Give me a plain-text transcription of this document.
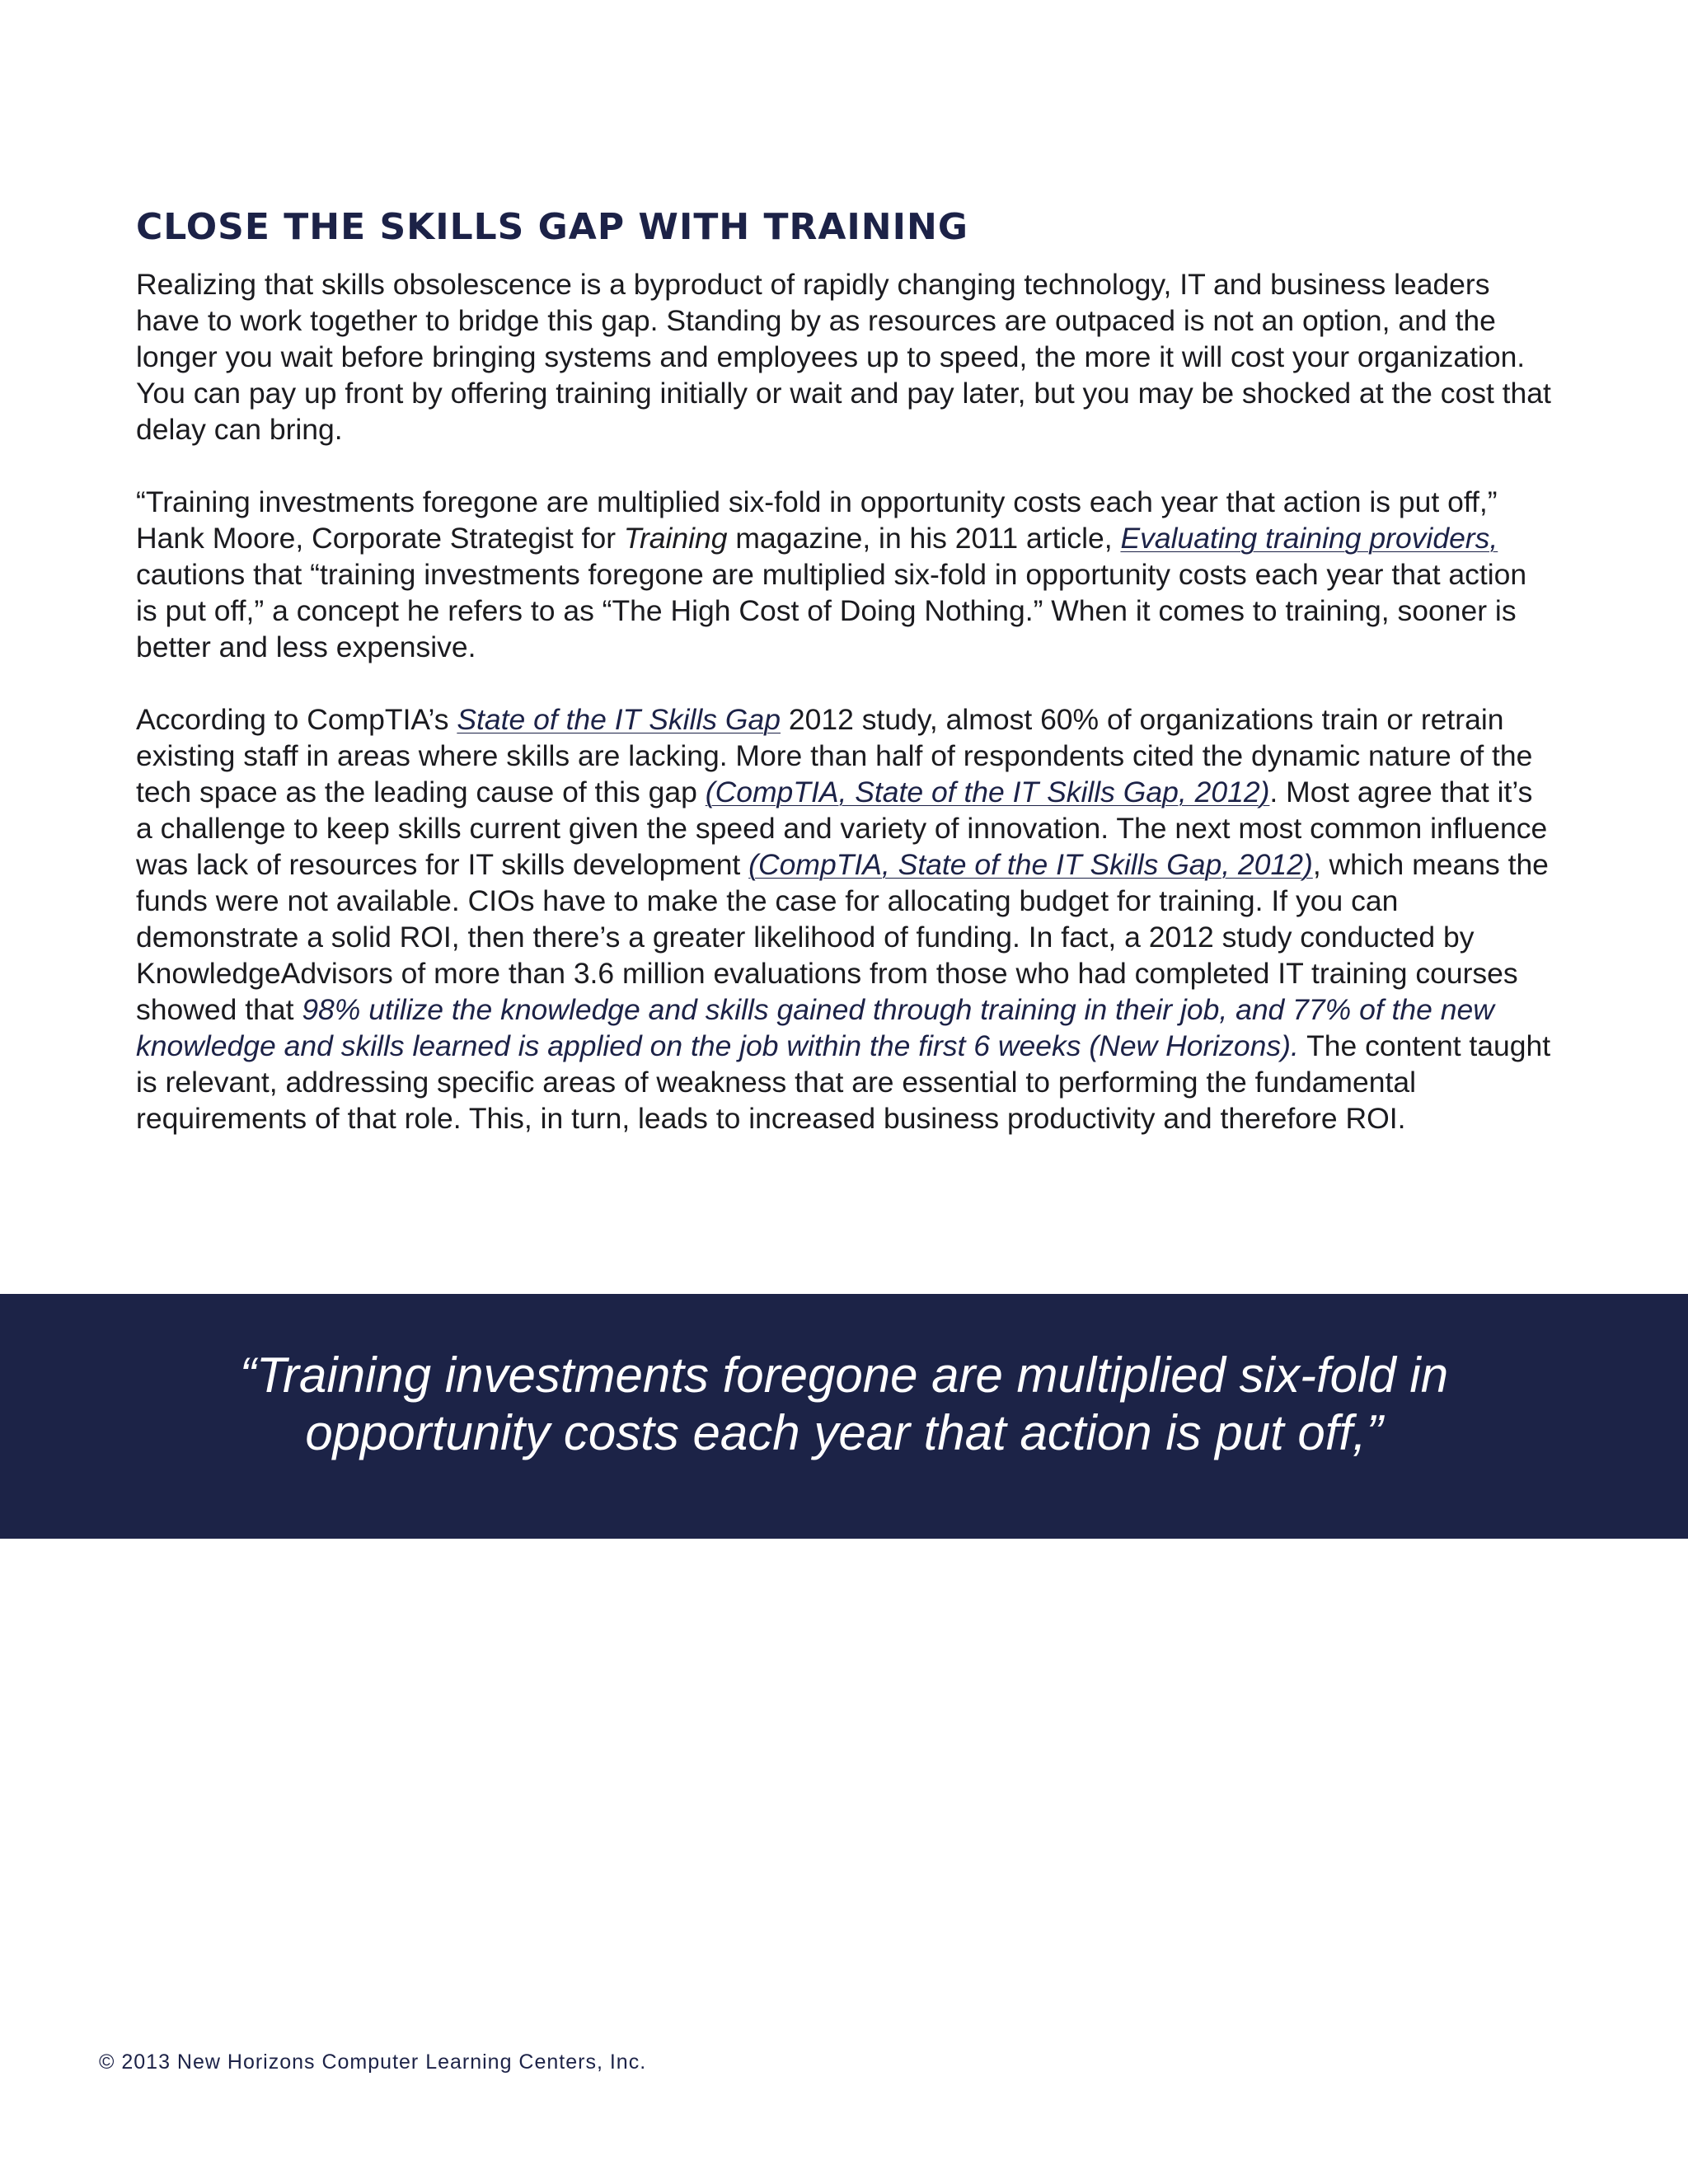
CLOSE THE SKILLS GAP WITH TRAINING

Realizing that skills obsolescence is a byproduct of rapidly changing technology, IT and business leaders have to work together to bridge this gap. Standing by as resources are outpaced is not an option, and the longer you wait before bringing systems and employees up to speed, the more it will cost your organization. You can pay up front by offering training initially or wait and pay later, but you may be shocked at the cost that delay can bring.

“Training investments foregone are multiplied six-fold in opportunity costs each year that action is put off,” Hank Moore, Corporate Strategist for Training magazine, in his 2011 article, Evaluating training providers, cautions that “training investments foregone are multiplied six-fold in opportunity costs each year that action is put off,” a concept he refers to as “The High Cost of Doing Nothing.” When it comes to training, sooner is better and less expensive.

According to CompTIA’s State of the IT Skills Gap 2012 study, almost 60% of organizations train or retrain existing staff in areas where skills are lacking. More than half of respondents cited the dynamic nature of the tech space as the leading cause of this gap (CompTIA, State of the IT Skills Gap, 2012). Most agree that it’s a challenge to keep skills current given the speed and variety of innovation. The next most common influence was lack of resources for IT skills development (CompTIA, State of the IT Skills Gap, 2012), which means the funds were not available. CIOs have to make the case for allocating budget for training. If you can demonstrate a solid ROI, then there’s a greater likelihood of funding. In fact, a 2012 study conducted by KnowledgeAdvisors of more than 3.6 million evaluations from those who had completed IT training courses showed that 98% utilize the knowledge and skills gained through training in their job, and 77% of the new knowledge and skills learned is applied on the job within the first 6 weeks (New Horizons). The content taught is relevant, addressing specific areas of weakness that are essential to performing the fundamental requirements of that role. This, in turn, leads to increased business productivity and therefore ROI.

“Training investments foregone are multiplied six-fold in opportunity costs each year that action is put off,”
© 2013 New Horizons Computer Learning Centers, Inc.
